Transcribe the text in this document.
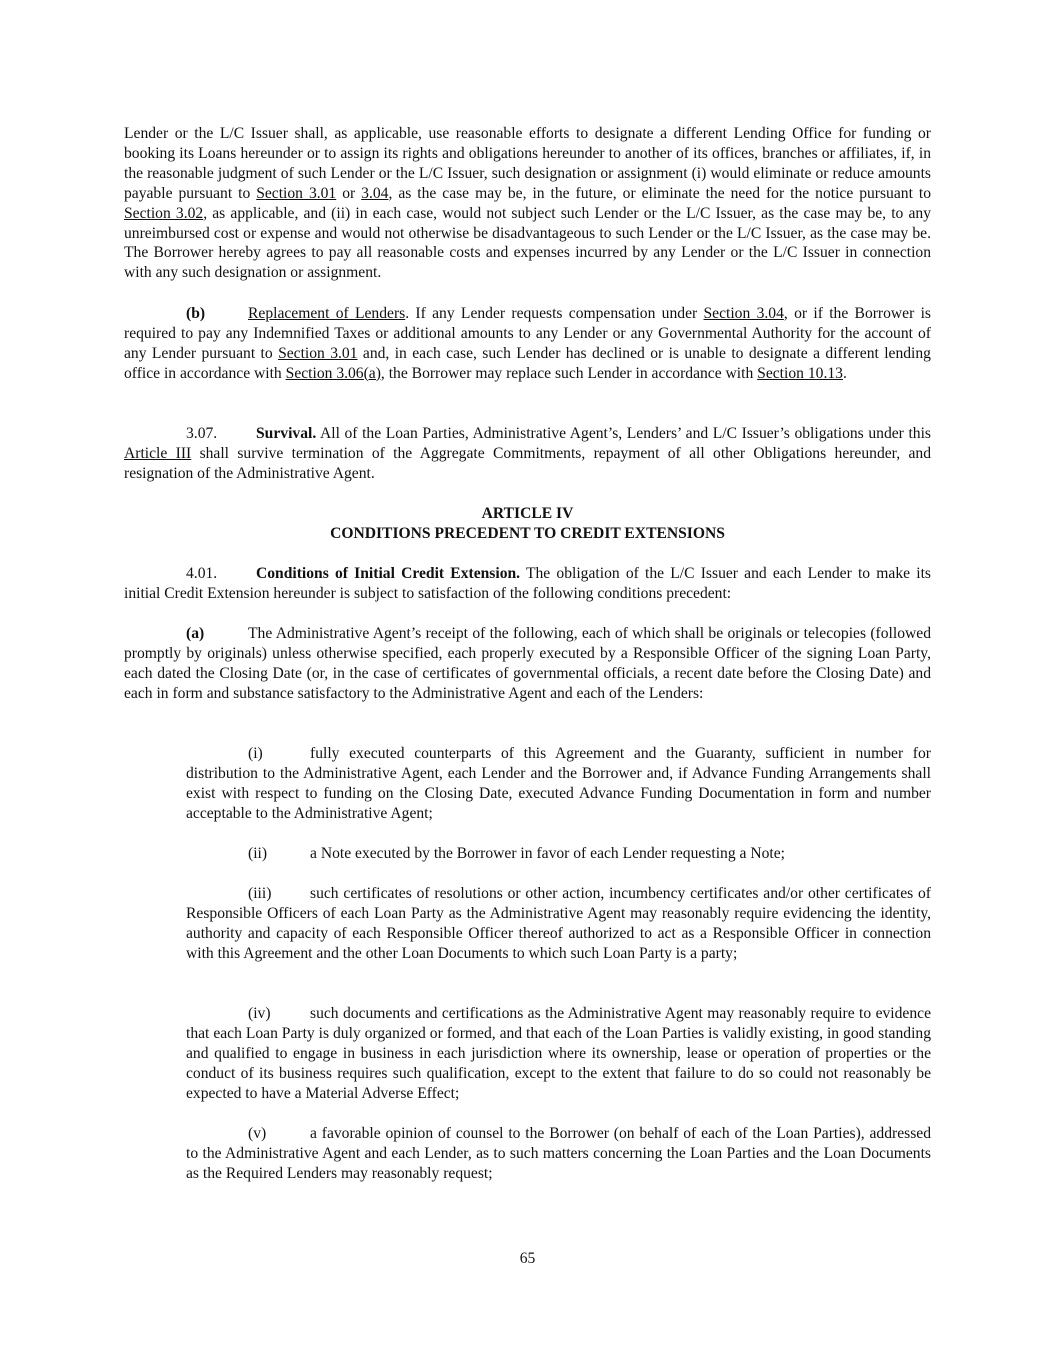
Lender or the L/C Issuer shall, as applicable, use reasonable efforts to designate a different Lending Office for funding or booking its Loans hereunder or to assign its rights and obligations hereunder to another of its offices, branches or affiliates, if, in the reasonable judgment of such Lender or the L/C Issuer, such designation or assignment (i) would eliminate or reduce amounts payable pursuant to Section 3.01 or 3.04, as the case may be, in the future, or eliminate the need for the notice pursuant to Section 3.02, as applicable, and (ii) in each case, would not subject such Lender or the L/C Issuer, as the case may be, to any unreimbursed cost or expense and would not otherwise be disadvantageous to such Lender or the L/C Issuer, as the case may be. The Borrower hereby agrees to pay all reasonable costs and expenses incurred by any Lender or the L/C Issuer in connection with any such designation or assignment.

(b)	Replacement of Lenders. If any Lender requests compensation under Section 3.04, or if the Borrower is required to pay any Indemnified Taxes or additional amounts to any Lender or any Governmental Authority for the account of any Lender pursuant to Section 3.01 and, in each case, such Lender has declined or is unable to designate a different lending office in accordance with Section 3.06(a), the Borrower may replace such Lender in accordance with Section 10.13.

3.07. Survival. All of the Loan Parties, Administrative Agent’s, Lenders’ and L/C Issuer’s obligations under this Article III shall survive termination of the Aggregate Commitments, repayment of all other Obligations hereunder, and resignation of the Administrative Agent.

ARTICLE IV

CONDITIONS PRECEDENT TO CREDIT EXTENSIONS

4.01. Conditions of Initial Credit Extension. The obligation of the L/C Issuer and each Lender to make its initial Credit Extension hereunder is subject to satisfaction of the following conditions precedent:

(a)	The Administrative Agent’s receipt of the following, each of which shall be originals or telecopies (followed promptly by originals) unless otherwise specified, each properly executed by a Responsible Officer of the signing Loan Party, each dated the Closing Date (or, in the case of certificates of governmental officials, a recent date before the Closing Date) and each in form and substance satisfactory to the Administrative Agent and each of the Lenders:

(i)	fully executed counterparts of this Agreement and the Guaranty, sufficient in number for distribution to the Administrative Agent, each Lender and the Borrower and, if Advance Funding Arrangements shall exist with respect to funding on the Closing Date, executed Advance Funding Documentation in form and number acceptable to the Administrative Agent;

(ii)	a Note executed by the Borrower in favor of each Lender requesting a Note;

(iii) such certificates of resolutions or other action, incumbency certificates and/or other certificates of Responsible Officers of each Loan Party as the Administrative Agent may reasonably require evidencing the identity, authority and capacity of each Responsible Officer thereof authorized to act as a Responsible Officer in connection with this Agreement and the other Loan Documents to which such Loan Party is a party;

(iv)	such documents and certifications as the Administrative Agent may reasonably require to evidence that each Loan Party is duly organized or formed, and that each of the Loan Parties is validly existing, in good standing and qualified to engage in business in each jurisdiction where its ownership, lease or operation of properties or the conduct of its business requires such qualification, except to the extent that failure to do so could not reasonably be expected to have a Material Adverse Effect;

(v)	a favorable opinion of counsel to the Borrower (on behalf of each of the Loan Parties), addressed to the Administrative Agent and each Lender, as to such matters concerning the Loan Parties and the Loan Documents as the Required Lenders may reasonably request;

65
